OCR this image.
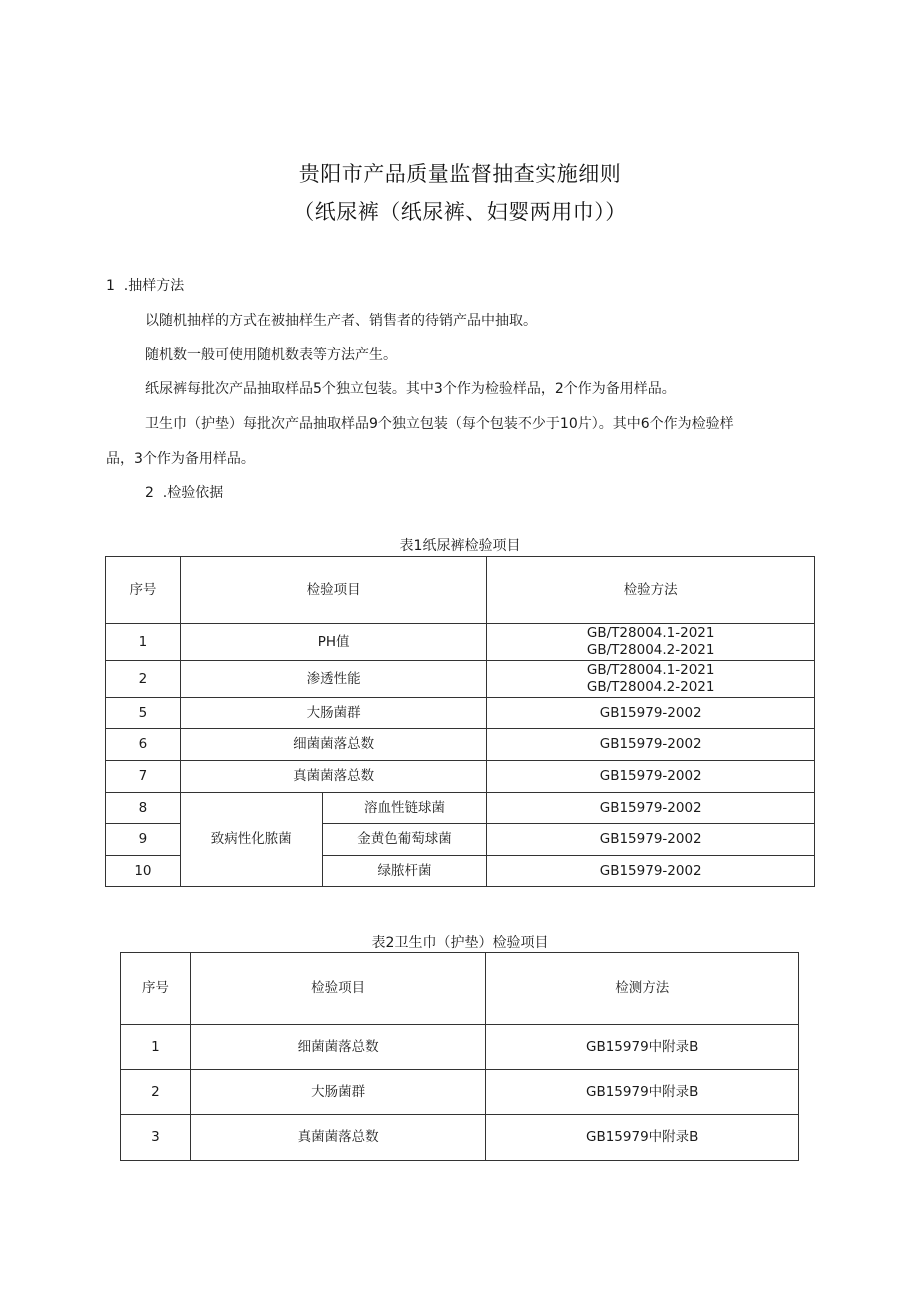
贵阳市产品质量监督抽查实施细则
（纸尿裤（纸尿裤、妇婴两用巾））
1  .抽样方法
以随机抽样的方式在被抽样生产者、销售者的待销产品中抽取。
随机数一般可使用随机数表等方法产生。
纸尿裤每批次产品抽取样品5个独立包装。其中3个作为检验样品，2个作为备用样品。
卫生巾（护垫）每批次产品抽取样品9个独立包装（每个包装不少于10片）。其中6个作为检验样
品，3个作为备用样品。
2  .检验依据
表1纸尿裤检验项目
序号	检验项目		检验方法
1	PH值		GB/T28004.1-2021
GB/T28004.2-2021

2	渗透性能		GB/T28004.1-2021
GB/T28004.2-2021

5	大肠菌群		GB15979-2002
6	细菌菌落总数		GB15979-2002
7	真菌菌落总数		GB15979-2002
8	致病性化脓菌	溶血性链球菌	GB15979-2002
9		金黄色葡萄球菌	GB15979-2002
10		绿脓杆菌	GB15979-2002
表2卫生巾（护垫）检验项目
序号	检验项目	检测方法
1	细菌菌落总数	GB15979中附录B
2	大肠菌群	GB15979中附录B
3	真菌菌落总数	GB15979中附录B
